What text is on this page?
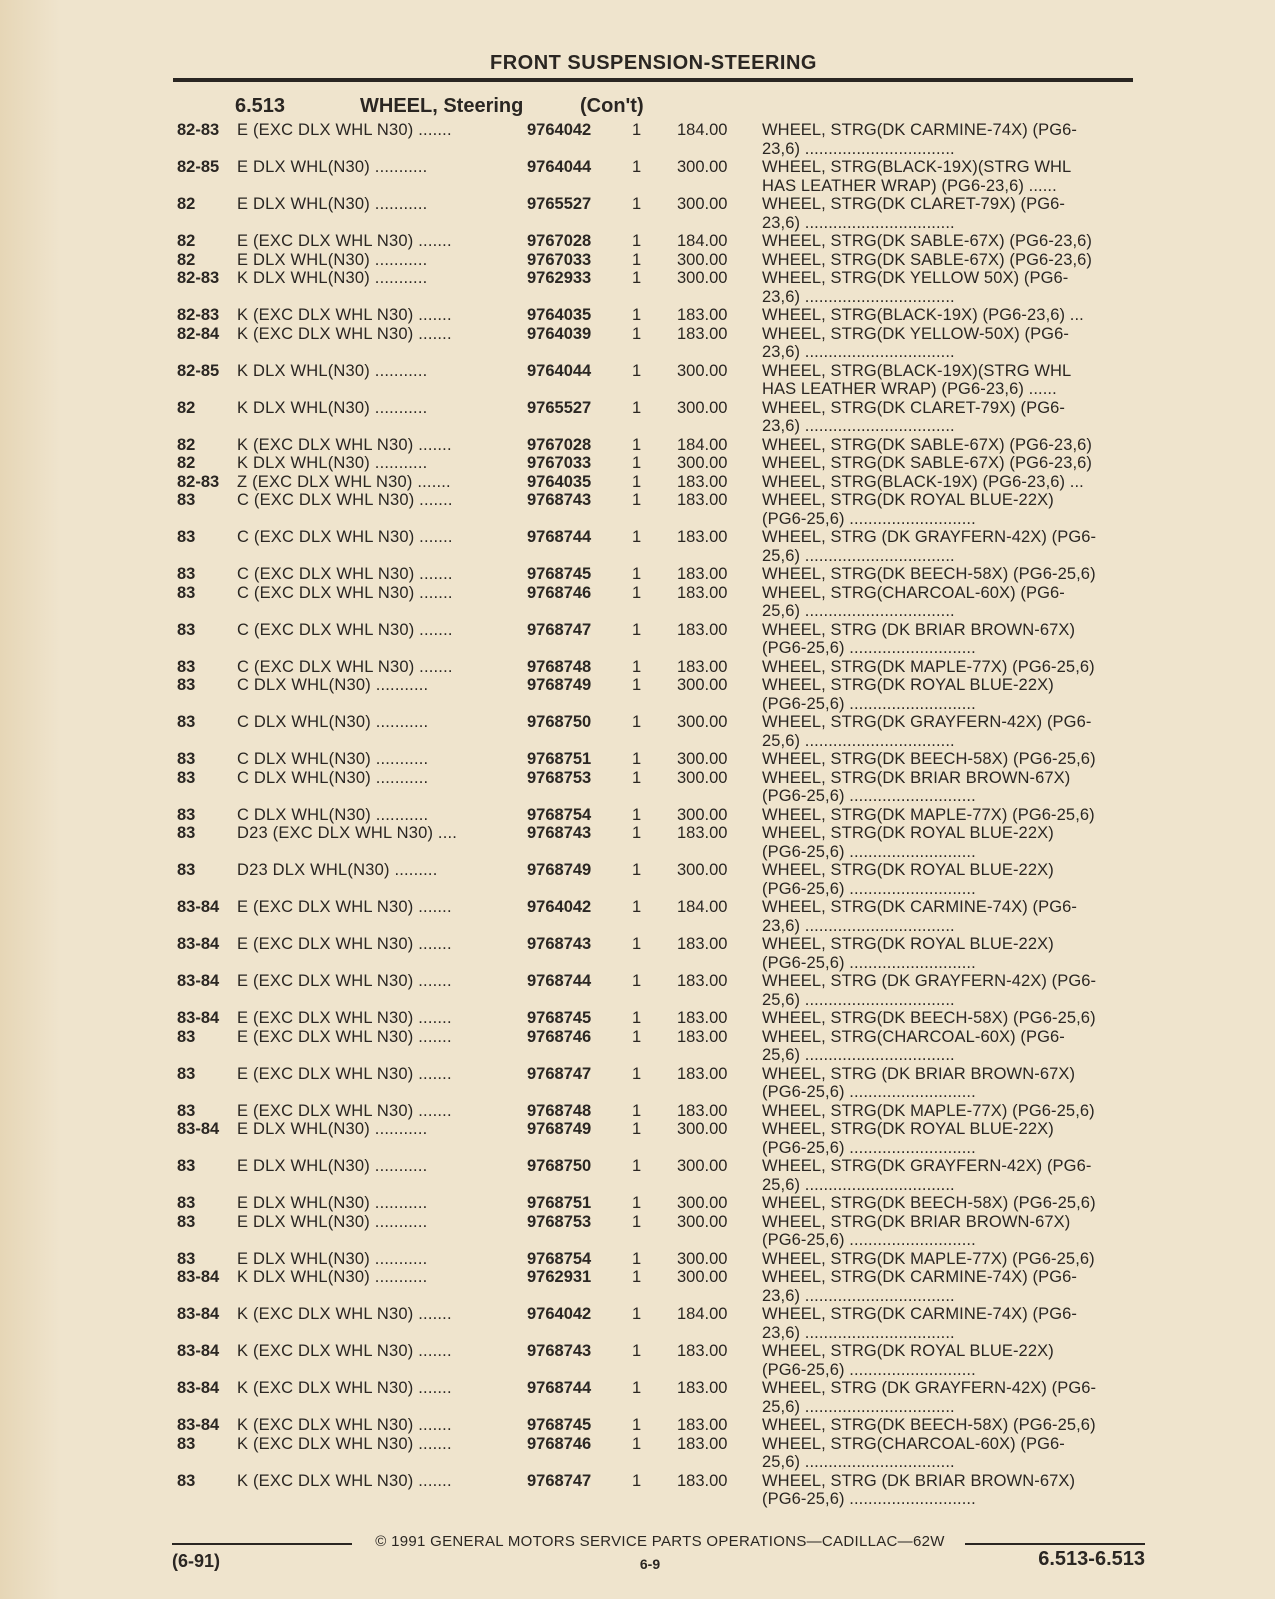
FRONT SUSPENSION-STEERING
6.513	WHEEL, Steering	(Con't)
82-83	E (EXC DLX WHL N30) .......	9764042	1	184.00	WHEEL, STRG(DK CARMINE-74X) (PG6-
23,6) ................................
82-85	E DLX WHL(N30) ...........	9764044	1	300.00	WHEEL, STRG(BLACK-19X)(STRG WHL
HAS LEATHER WRAP) (PG6-23,6) ......
82	E DLX WHL(N30) ...........	9765527	1	300.00	WHEEL, STRG(DK CLARET-79X) (PG6-
23,6) ................................
82	E (EXC DLX WHL N30) .......	9767028	1	184.00	WHEEL, STRG(DK SABLE-67X) (PG6-23,6)
82	E DLX WHL(N30) ...........	9767033	1	300.00	WHEEL, STRG(DK SABLE-67X) (PG6-23,6)
82-83	K DLX WHL(N30) ...........	9762933	1	300.00	WHEEL, STRG(DK YELLOW 50X) (PG6-
23,6) ................................
82-83	K (EXC DLX WHL N30) .......	9764035	1	183.00	WHEEL, STRG(BLACK-19X) (PG6-23,6) ...
82-84	K (EXC DLX WHL N30) .......	9764039	1	183.00	WHEEL, STRG(DK YELLOW-50X) (PG6-
23,6) ................................
82-85	K DLX WHL(N30) ...........	9764044	1	300.00	WHEEL, STRG(BLACK-19X)(STRG WHL
HAS LEATHER WRAP) (PG6-23,6) ......
82	K DLX WHL(N30) ...........	9765527	1	300.00	WHEEL, STRG(DK CLARET-79X) (PG6-
23,6) ................................
82	K (EXC DLX WHL N30) .......	9767028	1	184.00	WHEEL, STRG(DK SABLE-67X) (PG6-23,6)
82	K DLX WHL(N30) ...........	9767033	1	300.00	WHEEL, STRG(DK SABLE-67X) (PG6-23,6)
82-83	Z (EXC DLX WHL N30) .......	9764035	1	183.00	WHEEL, STRG(BLACK-19X) (PG6-23,6) ...
83	C (EXC DLX WHL N30) .......	9768743	1	183.00	WHEEL, STRG(DK ROYAL BLUE-22X)
(PG6-25,6) ...........................
83	C (EXC DLX WHL N30) .......	9768744	1	183.00	WHEEL, STRG (DK GRAYFERN-42X) (PG6-
25,6) ................................
83	C (EXC DLX WHL N30) .......	9768745	1	183.00	WHEEL, STRG(DK BEECH-58X) (PG6-25,6)
83	C (EXC DLX WHL N30) .......	9768746	1	183.00	WHEEL, STRG(CHARCOAL-60X) (PG6-
25,6) ................................
83	C (EXC DLX WHL N30) .......	9768747	1	183.00	WHEEL, STRG (DK BRIAR BROWN-67X)
(PG6-25,6) ...........................
83	C (EXC DLX WHL N30) .......	9768748	1	183.00	WHEEL, STRG(DK MAPLE-77X) (PG6-25,6)
83	C DLX WHL(N30) ...........	9768749	1	300.00	WHEEL, STRG(DK ROYAL BLUE-22X)
(PG6-25,6) ...........................
83	C DLX WHL(N30) ...........	9768750	1	300.00	WHEEL, STRG(DK GRAYFERN-42X) (PG6-
25,6) ................................
83	C DLX WHL(N30) ...........	9768751	1	300.00	WHEEL, STRG(DK BEECH-58X) (PG6-25,6)
83	C DLX WHL(N30) ...........	9768753	1	300.00	WHEEL, STRG(DK BRIAR BROWN-67X)
(PG6-25,6) ...........................
83	C DLX WHL(N30) ...........	9768754	1	300.00	WHEEL, STRG(DK MAPLE-77X) (PG6-25,6)
83	D23 (EXC DLX WHL N30) ....	9768743	1	183.00	WHEEL, STRG(DK ROYAL BLUE-22X)
(PG6-25,6) ...........................
83	D23 DLX WHL(N30) .........	9768749	1	300.00	WHEEL, STRG(DK ROYAL BLUE-22X)
(PG6-25,6) ...........................
83-84	E (EXC DLX WHL N30) .......	9764042	1	184.00	WHEEL, STRG(DK CARMINE-74X) (PG6-
23,6) ................................
83-84	E (EXC DLX WHL N30) .......	9768743	1	183.00	WHEEL, STRG(DK ROYAL BLUE-22X)
(PG6-25,6) ...........................
83-84	E (EXC DLX WHL N30) .......	9768744	1	183.00	WHEEL, STRG (DK GRAYFERN-42X) (PG6-
25,6) ................................
83-84	E (EXC DLX WHL N30) .......	9768745	1	183.00	WHEEL, STRG(DK BEECH-58X) (PG6-25,6)
83	E (EXC DLX WHL N30) .......	9768746	1	183.00	WHEEL, STRG(CHARCOAL-60X) (PG6-
25,6) ................................
83	E (EXC DLX WHL N30) .......	9768747	1	183.00	WHEEL, STRG (DK BRIAR BROWN-67X)
(PG6-25,6) ...........................
83	E (EXC DLX WHL N30) .......	9768748	1	183.00	WHEEL, STRG(DK MAPLE-77X) (PG6-25,6)
83-84	E DLX WHL(N30) ...........	9768749	1	300.00	WHEEL, STRG(DK ROYAL BLUE-22X)
(PG6-25,6) ...........................
83	E DLX WHL(N30) ...........	9768750	1	300.00	WHEEL, STRG(DK GRAYFERN-42X) (PG6-
25,6) ................................
83	E DLX WHL(N30) ...........	9768751	1	300.00	WHEEL, STRG(DK BEECH-58X) (PG6-25,6)
83	E DLX WHL(N30) ...........	9768753	1	300.00	WHEEL, STRG(DK BRIAR BROWN-67X)
(PG6-25,6) ...........................
83	E DLX WHL(N30) ...........	9768754	1	300.00	WHEEL, STRG(DK MAPLE-77X) (PG6-25,6)
83-84	K DLX WHL(N30) ...........	9762931	1	300.00	WHEEL, STRG(DK CARMINE-74X) (PG6-
23,6) ................................
83-84	K (EXC DLX WHL N30) .......	9764042	1	184.00	WHEEL, STRG(DK CARMINE-74X) (PG6-
23,6) ................................
83-84	K (EXC DLX WHL N30) .......	9768743	1	183.00	WHEEL, STRG(DK ROYAL BLUE-22X)
(PG6-25,6) ...........................
83-84	K (EXC DLX WHL N30) .......	9768744	1	183.00	WHEEL, STRG (DK GRAYFERN-42X) (PG6-
25,6) ................................
83-84	K (EXC DLX WHL N30) .......	9768745	1	183.00	WHEEL, STRG(DK BEECH-58X) (PG6-25,6)
83	K (EXC DLX WHL N30) .......	9768746	1	183.00	WHEEL, STRG(CHARCOAL-60X) (PG6-
25,6) ................................
83	K (EXC DLX WHL N30) .......	9768747	1	183.00	WHEEL, STRG (DK BRIAR BROWN-67X)
(PG6-25,6) ...........................
© 1991 GENERAL MOTORS SERVICE PARTS OPERATIONS—CADILLAC—62W
(6-91)	6-9	6.513-6.513
